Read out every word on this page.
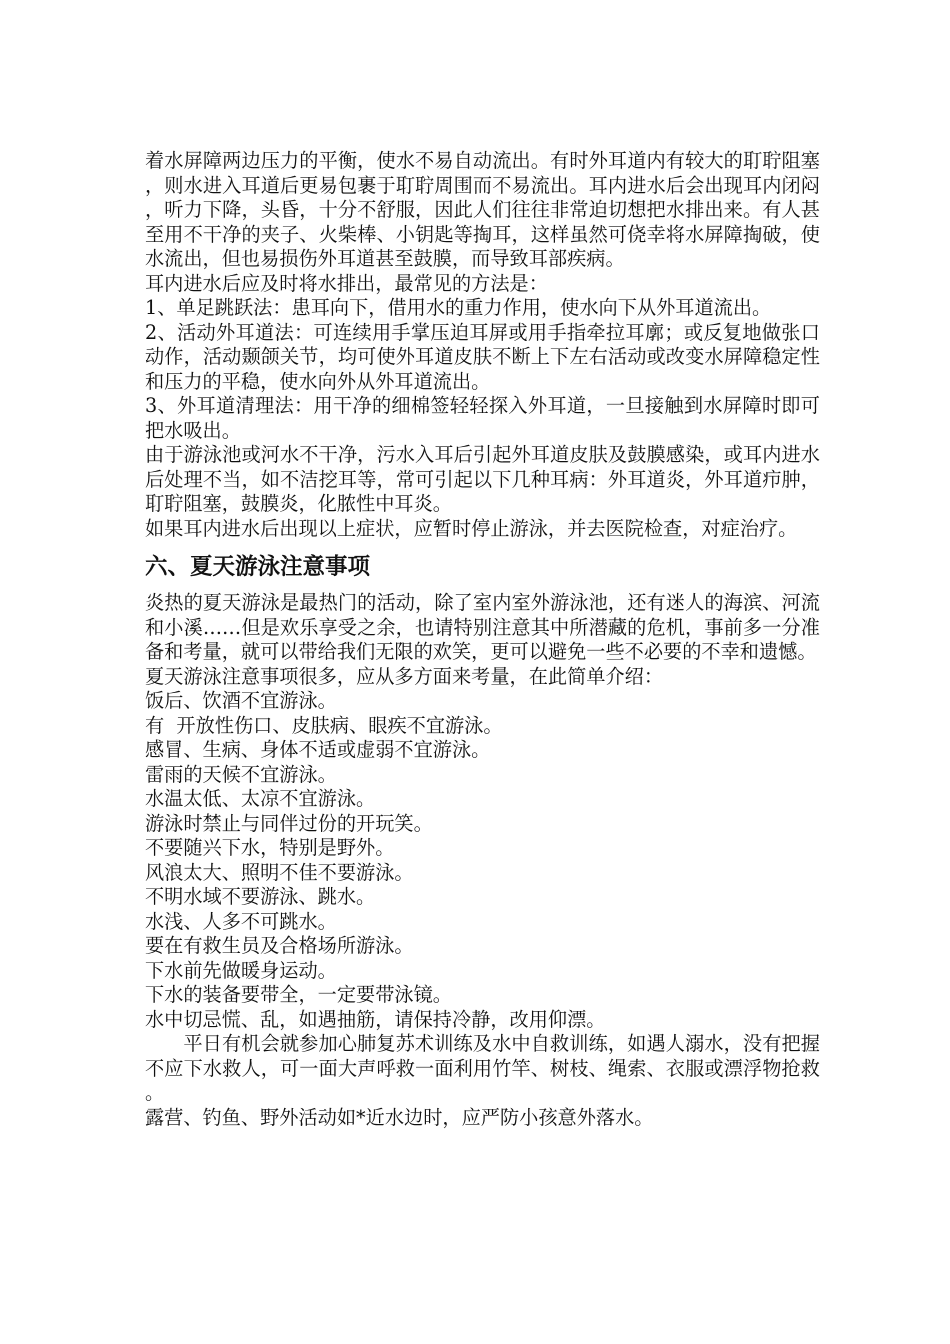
着水屏障两边压力的平衡，使水不易自动流出。有时外耳道内有较大的耵聍阻塞，则水进入耳道后更易包裹于耵聍周围而不易流出。耳内进水后会出现耳内闭闷，听力下降，头昏，十分不舒服，因此人们往往非常迫切想把水排出来。有人甚至用不干净的夹子、火柴棒、小钥匙等掏耳，这样虽然可侥幸将水屏障掏破，使水流出，但也易损伤外耳道甚至鼓膜，而导致耳部疾病。

耳内进水后应及时将水排出，最常见的方法是：

1、单足跳跃法：患耳向下，借用水的重力作用，使水向下从外耳道流出。

2、活动外耳道法：可连续用手掌压迫耳屏或用手指牵拉耳廓；或反复地做张口动作，活动颞颌关节，均可使外耳道皮肤不断上下左右活动或改变水屏障稳定性和压力的平稳，使水向外从外耳道流出。

3、外耳道清理法：用干净的细棉签轻轻探入外耳道，一旦接触到水屏障时即可把水吸出。

由于游泳池或河水不干净，污水入耳后引起外耳道皮肤及鼓膜感染，或耳内进水后处理不当，如不洁挖耳等，常可引起以下几种耳病：外耳道炎，外耳道疖肿，耵聍阻塞，鼓膜炎，化脓性中耳炎。

如果耳内进水后出现以上症状，应暂时停止游泳，并去医院检查，对症治疗。

六、夏天游泳注意事项

炎热的夏天游泳是最热门的活动，除了室内室外游泳池，还有迷人的海滨、河流和小溪……但是欢乐享受之余，也请特别注意其中所潜藏的危机，事前多一分准备和考量，就可以带给我们无限的欢笑，更可以避免一些不必要的不幸和遗憾。

夏天游泳注意事项很多，应从多方面来考量，在此简单介绍：

饭后、饮酒不宜游泳。

有  开放性伤口、皮肤病、眼疾不宜游泳。

感冒、生病、身体不适或虚弱不宜游泳。

雷雨的天候不宜游泳。

水温太低、太凉不宜游泳。

游泳时禁止与同伴过份的开玩笑。

不要随兴下水，特别是野外。

风浪太大、照明不佳不要游泳。

不明水域不要游泳、跳水。

水浅、人多不可跳水。

要在有救生员及合格场所游泳。

下水前先做暖身运动。

下水的装备要带全，一定要带泳镜。

水中切忌慌、乱，如遇抽筋，请保持冷静，改用仰漂。

平日有机会就参加心肺复苏术训练及水中自救训练，如遇人溺水，没有把握不应下水救人，可一面大声呼救一面利用竹竿、树枝、绳索、衣服或漂浮物抢救。

露营、钓鱼、野外活动如*近水边时，应严防小孩意外落水。
